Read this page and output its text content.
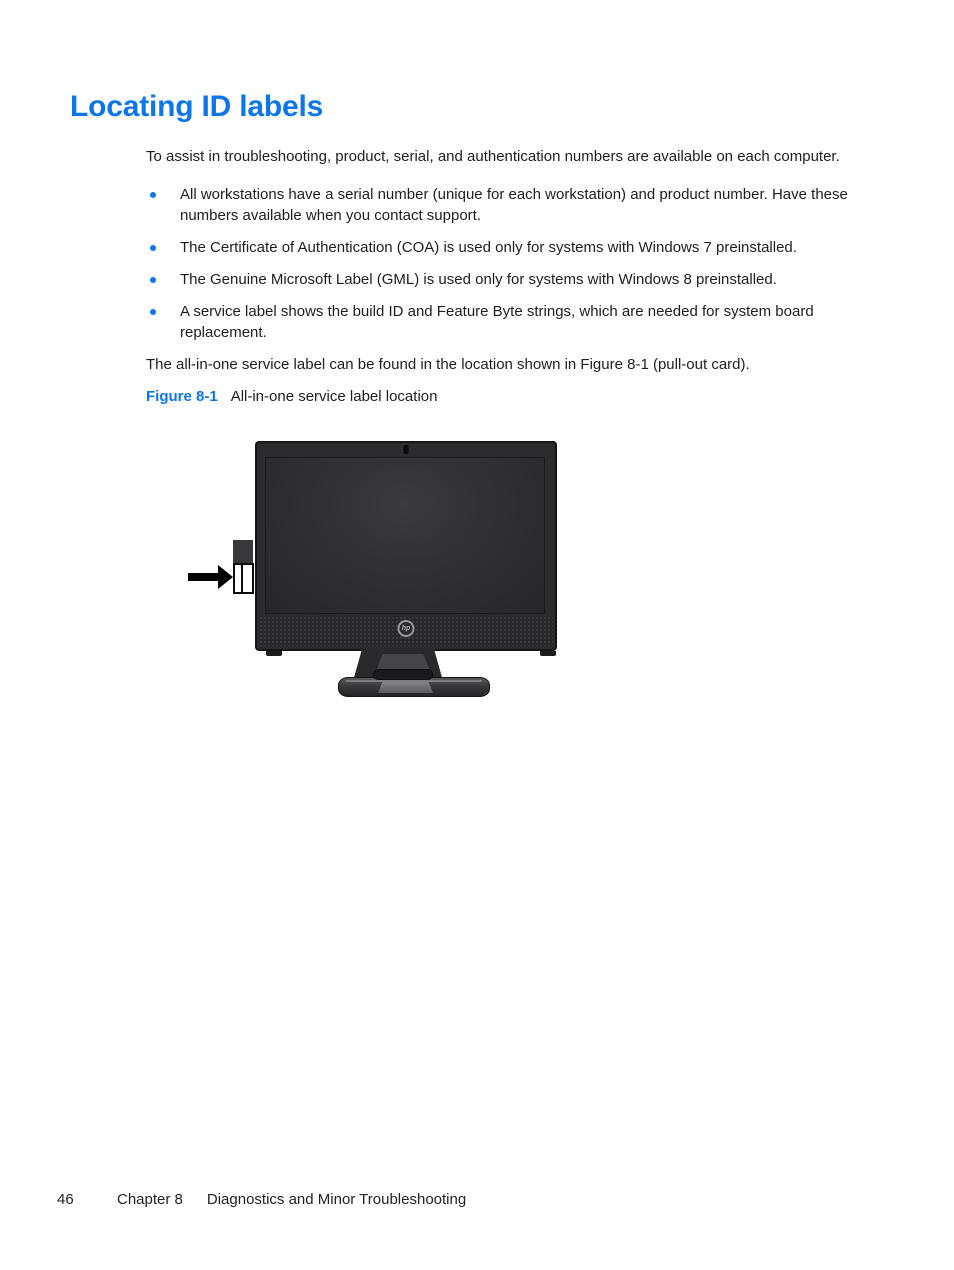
Locating ID labels

To assist in troubleshooting, product, serial, and authentication numbers are available on each computer.

All workstations have a serial number (unique for each workstation) and product number. Have these numbers available when you contact support.
The Certificate of Authentication (COA) is used only for systems with Windows 7 preinstalled.
The Genuine Microsoft Label (GML) is used only for systems with Windows 8 preinstalled.
A service label shows the build ID and Feature Byte strings, which are needed for system board replacement.

The all-in-one service label can be found in the location shown in Figure 8-1 (pull-out card).

Figure 8-1 All-in-one service label location

hp
46	Chapter 8 Diagnostics and Minor Troubleshooting
